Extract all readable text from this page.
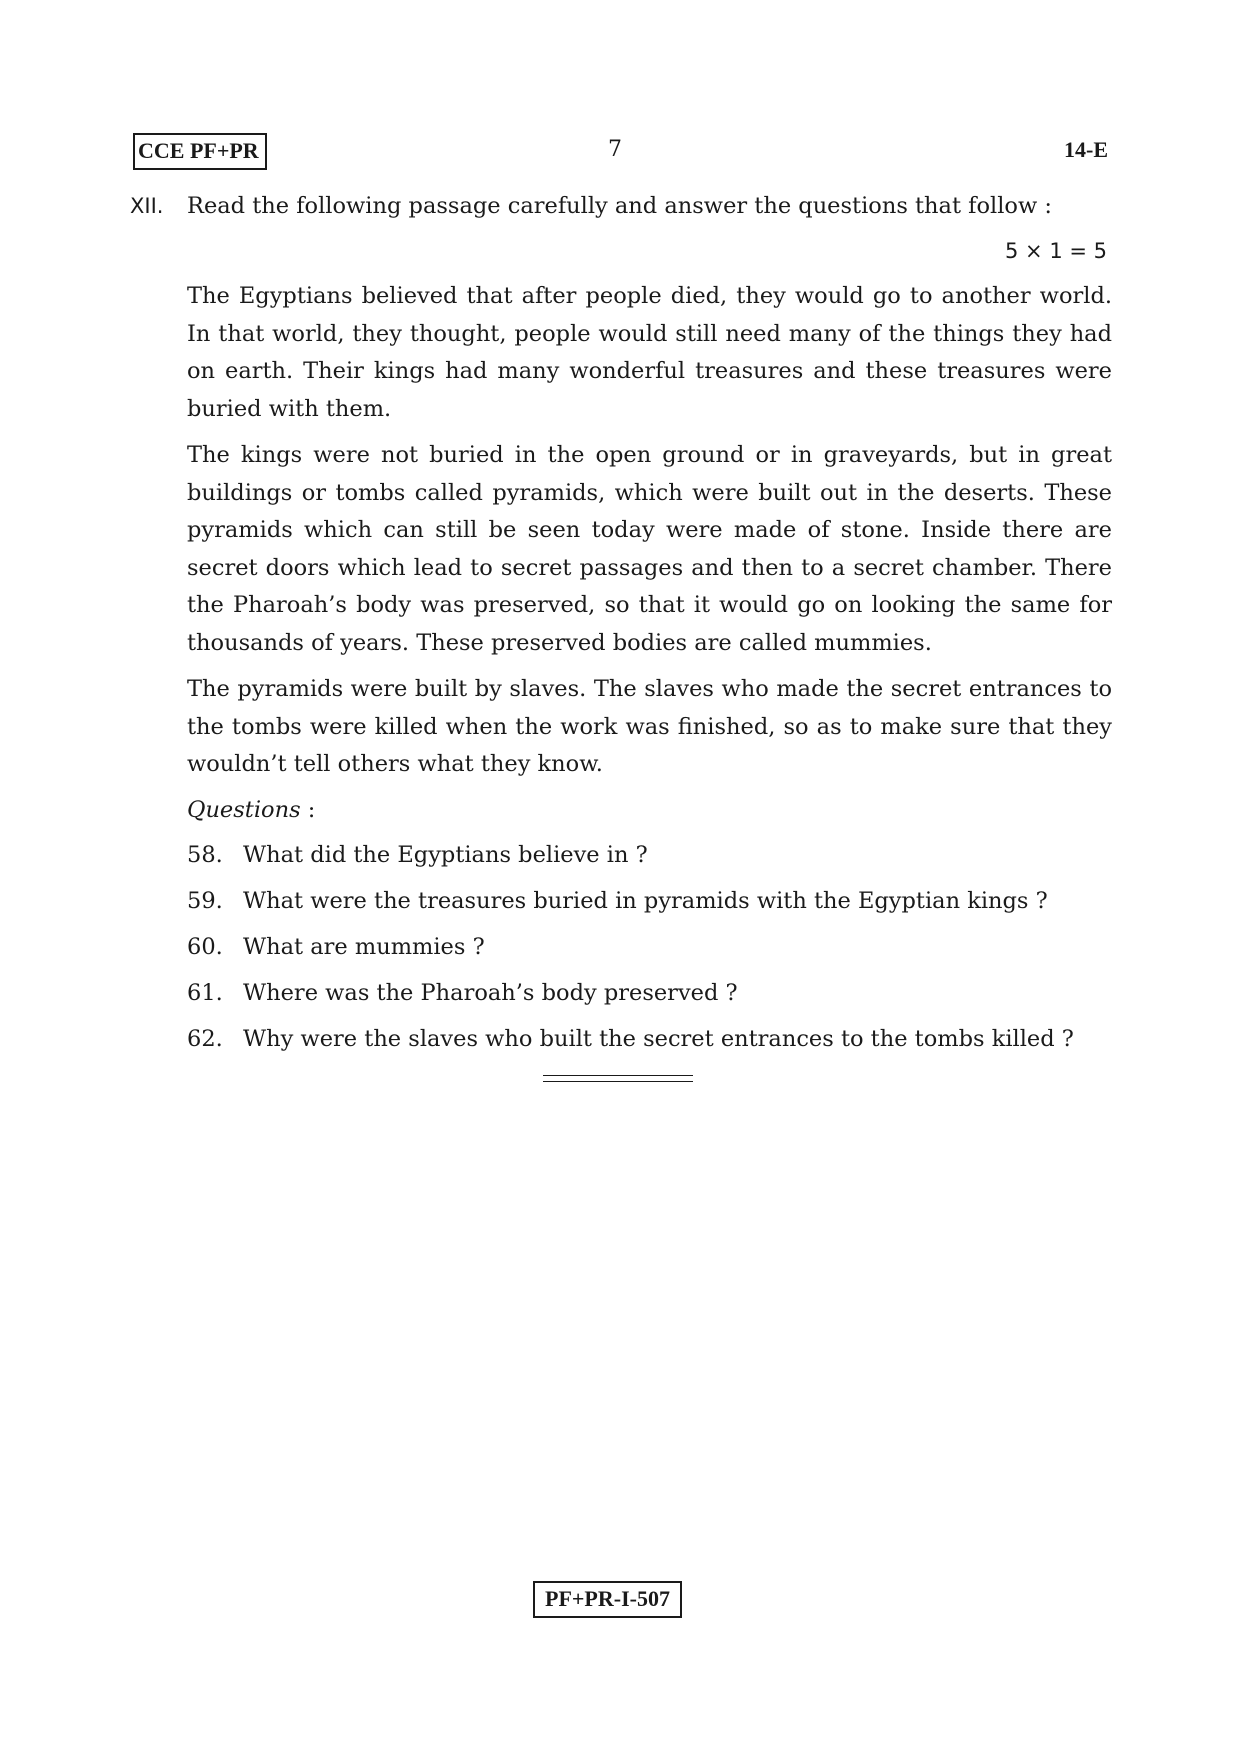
CCE PF+PR	7	14-E
XII. Read the following passage carefully and answer the questions that follow :
5 × 1 = 5

The Egyptians believed that after people died, they would go to another world. In that world, they thought, people would still need many of the things they had on earth. Their kings had many wonderful treasures and these treasures were buried with them.

The kings were not buried in the open ground or in graveyards, but in great buildings or tombs called pyramids, which were built out in the deserts. These pyramids which can still be seen today were made of stone. Inside there are secret doors which lead to secret passages and then to a secret chamber. There the Pharoah’s body was preserved, so that it would go on looking the same for thousands of years. These preserved bodies are called mummies.

The pyramids were built by slaves. The slaves who made the secret entrances to the tombs were killed when the work was finished, so as to make sure that they wouldn’t tell others what they know.

Questions :
58. What did the Egyptians believe in ?
59. What were the treasures buried in pyramids with the Egyptian kings ?
60. What are mummies ?
61. Where was the Pharoah’s body preserved ?
62. Why were the slaves who built the secret entrances to the tombs killed ?
PF+PR-I-507
